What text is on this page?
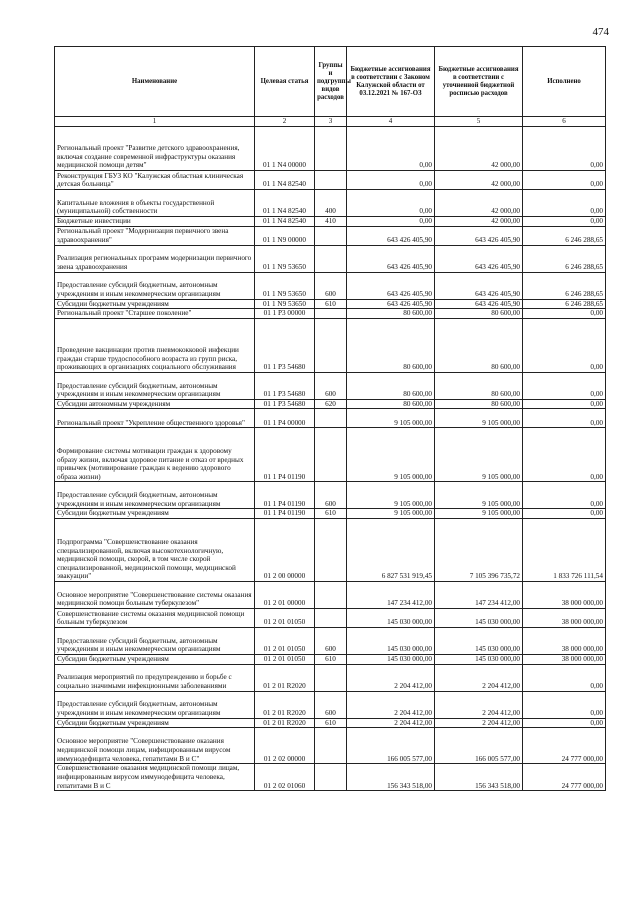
474
Наименование	Целевая статья	Группы и подгруппы видов расходов	Бюджетные ассигнования в соответствии с Законом Калужской области от 03.12.2021 № 167-ОЗ	Бюджетные ассигнования в соответствии с уточненной бюджетной росписью расходов	Исполнено
1	2	3	4	5	6
Региональный проект "Развитие детского здравоохранения, включая создание современной инфраструктуры оказания медицинской помощи детям"	01 1 N4 00000		0,00	42 000,00	0,00
Реконструкция ГБУЗ КО "Калужская областная клиническая детская больница"	01 1 N4 82540		0,00	42 000,00	0,00
Капитальные вложения в объекты государственной (муниципальной) собственности	01 1 N4 82540	400	0,00	42 000,00	0,00
Бюджетные инвестиции	01 1 N4 82540	410	0,00	42 000,00	0,00
Региональный проект "Модернизация первичного звена здравоохранения"	01 1 N9 00000		643 426 405,90	643 426 405,90	6 246 288,65
Реализация региональных программ модернизации первичного звена здравоохранения	01 1 N9 53650		643 426 405,90	643 426 405,90	6 246 288,65
Предоставление субсидий бюджетным, автономным учреждениям и иным некоммерческим организациям	01 1 N9 53650	600	643 426 405,90	643 426 405,90	6 246 288,65
Субсидии бюджетным учреждениям	01 1 N9 53650	610	643 426 405,90	643 426 405,90	6 246 288,65
Региональный проект "Старшее поколение"	01 1 P3 00000		80 600,00	80 600,00	0,00
Проведение вакцинации против пневмококковой инфекции граждан старше трудоспособного возраста из групп риска, проживающих в организациях социального обслуживания	01 1 P3 54680		80 600,00	80 600,00	0,00
Предоставление субсидий бюджетным, автономным учреждениям и иным некоммерческим организациям	01 1 P3 54680	600	80 600,00	80 600,00	0,00
Субсидии автономным учреждениям	01 1 P3 54680	620	80 600,00	80 600,00	0,00
Региональный проект "Укрепление общественного здоровья"	01 1 P4 00000		9 105 000,00	9 105 000,00	0,00
Формирование системы мотивации граждан к здоровому образу жизни, включая здоровое питание и отказ от вредных привычек (мотивирование граждан к ведению здорового образа жизни)	01 1 P4 01190		9 105 000,00	9 105 000,00	0,00
Предоставление субсидий бюджетным, автономным учреждениям и иным некоммерческим организациям	01 1 P4 01190	600	9 105 000,00	9 105 000,00	0,00
Субсидии бюджетным учреждениям	01 1 P4 01190	610	9 105 000,00	9 105 000,00	0,00
Подпрограмма "Совершенствование оказания специализированной, включая высокотехнологичную, медицинской помощи, скорой, в том числе скорой специализированной, медицинской помощи, медицинской эвакуации"	01 2 00 00000		6 827 531 919,45	7 105 396 735,72	1 833 726 111,54
Основное мероприятие "Совершенствование системы оказания медицинской помощи больным туберкулезом"	01 2 01 00000		147 234 412,00	147 234 412,00	38 000 000,00
Совершенствование системы оказания медицинской помощи больным туберкулезом	01 2 01 01050		145 030 000,00	145 030 000,00	38 000 000,00
Предоставление субсидий бюджетным, автономным учреждениям и иным некоммерческим организациям	01 2 01 01050	600	145 030 000,00	145 030 000,00	38 000 000,00
Субсидии бюджетным учреждениям	01 2 01 01050	610	145 030 000,00	145 030 000,00	38 000 000,00
Реализация мероприятий по предупреждению и борьбе с социально значимыми инфекционными заболеваниями	01 2 01 R2020		2 204 412,00	2 204 412,00	0,00
Предоставление субсидий бюджетным, автономным учреждениям и иным некоммерческим организациям	01 2 01 R2020	600	2 204 412,00	2 204 412,00	0,00
Субсидии бюджетным учреждениям	01 2 01 R2020	610	2 204 412,00	2 204 412,00	0,00
Основное мероприятие "Совершенствование оказания медицинской помощи лицам, инфицированным вирусом иммунодефицита человека, гепатитами B и C"	01 2 02 00000		166 005 577,00	166 005 577,00	24 777 000,00
Совершенствование оказания медицинской помощи лицам, инфицированным вирусом иммунодефицита человека, гепатитами B и C	01 2 02 01060		156 343 518,00	156 343 518,00	24 777 000,00
